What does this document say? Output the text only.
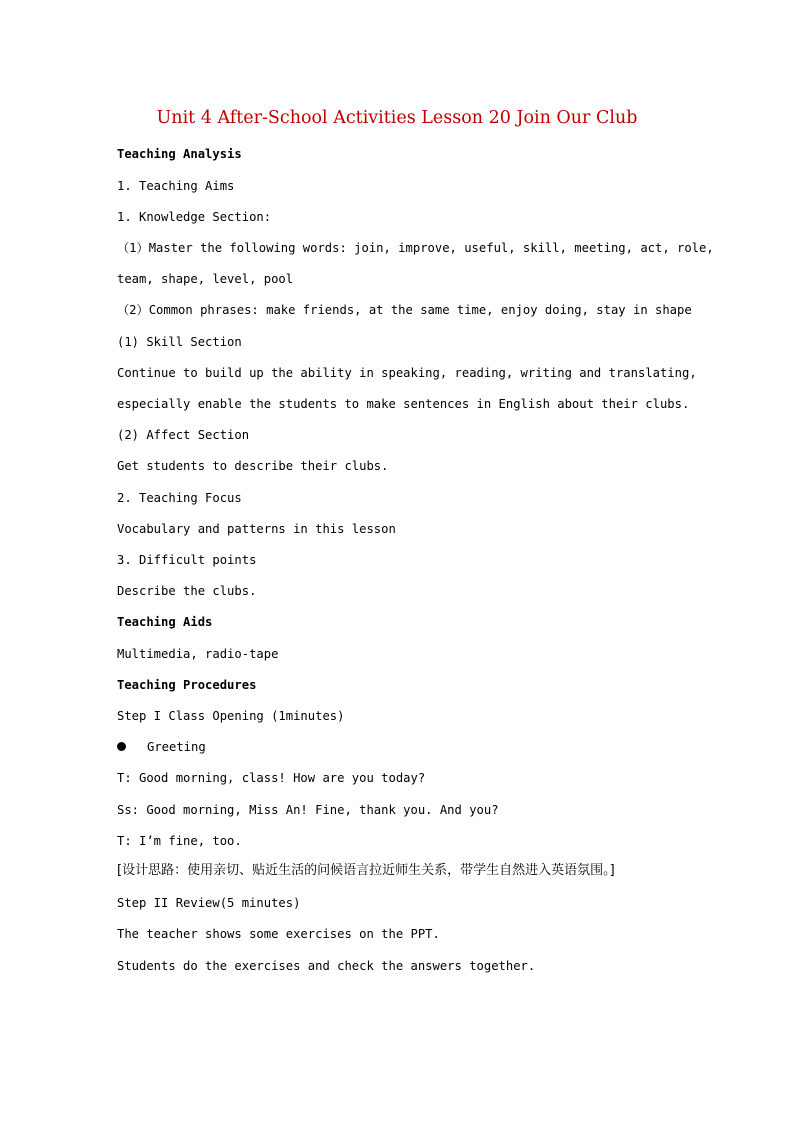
Unit 4 After-School Activities Lesson 20 Join Our Club
Teaching Analysis
1. Teaching Aims
1. Knowledge Section:
（1）Master the following words: join, improve, useful, skill, meeting, act, role,
team, shape, level, pool
（2）Common phrases: make friends, at the same time, enjoy doing, stay in shape
(1) Skill Section
Continue to build up the ability in speaking, reading, writing and translating,
especially enable the students to make sentences in English about their clubs.
(2) Affect Section
Get students to describe their clubs.
2. Teaching Focus
Vocabulary and patterns in this lesson
3. Difficult points
Describe the clubs.
Teaching Aids
Multimedia, radio-tape
Teaching Procedures
Step I Class Opening (1minutes)
Greeting
T: Good morning, class! How are you today?
Ss: Good morning, Miss An! Fine, thank you. And you?
T: I’m fine, too.
[设计思路：使用亲切、贴近生活的问候语言拉近师生关系，带学生自然进入英语氛围。]
Step II Review(5 minutes)
The teacher shows some exercises on the PPT.
Students do the exercises and check the answers together.
